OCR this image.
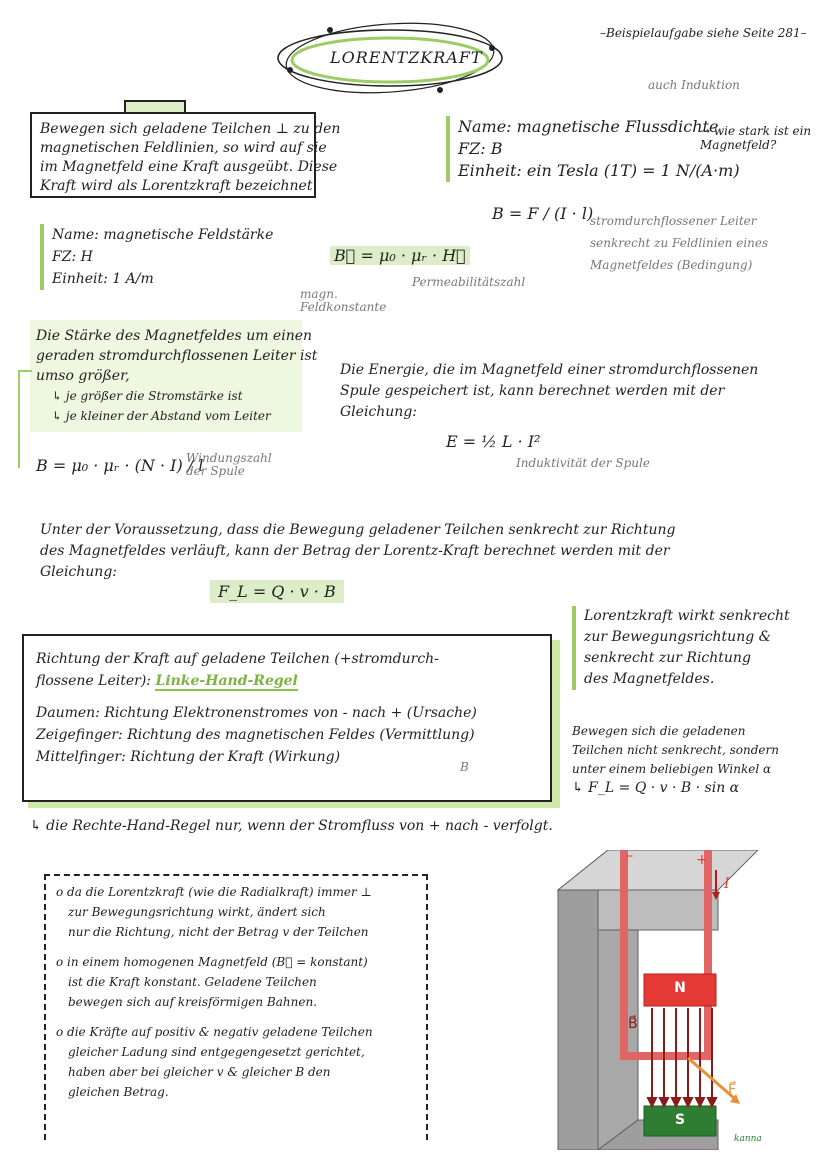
LORENTZKRAFT
–Beispielaufgabe siehe Seite 281–
auch Induktion
Bewegen sich geladene Teilchen ⊥ zu den
magnetischen Feldlinien, so wird auf sie
im Magnetfeld eine Kraft ausgeübt. Diese
Kraft wird als Lorentzkraft bezeichnet.
Name: magnetische Feldstärke
FZ: H
Einheit: 1 A/m
B⃗ = μ₀ · μᵣ · H⃗
magn. Feldkonstante
Permeabilitätszahl
Name: magnetische Flussdichte
FZ: B
Einheit: ein Tesla (1T) = 1 N/(A·m)
→ wie stark ist ein Magnetfeld?
B = F / (I · l)
stromdurchflossener Leiter
senkrecht zu Feldlinien eines
Magnetfeldes (Bedingung)
Die Stärke des Magnetfeldes um einen
geraden stromdurchflossenen Leiter ist
umso größer,
↳ je größer die Stromstärke ist
↳ je kleiner der Abstand vom Leiter
B = μ₀ · μᵣ · (N · I) / l
Windungszahl der Spule
Die Energie, die im Magnetfeld einer stromdurchflossenen
Spule gespeichert ist, kann berechnet werden mit der
Gleichung:
E = ½ L · I²
Induktivität der Spule
Unter der Voraussetzung, dass die Bewegung geladener Teilchen senkrecht zur Richtung
des Magnetfeldes verläuft, kann der Betrag der Lorentz-Kraft berechnet werden mit der
Gleichung:
F_L = Q · v · B
Lorentzkraft wirkt senkrecht
zur Bewegungsrichtung &
senkrecht zur Richtung
des Magnetfeldes.
Bewegen sich die geladenen
Teilchen nicht senkrecht, sondern
unter einem beliebigen Winkel α
↳ F_L = Q · v · B · sin α
Richtung der Kraft auf geladene Teilchen (+stromdurch-
flossene Leiter): Linke-Hand-Regel
Daumen: Richtung Elektronenstromes von - nach + (Ursache)
Zeigefinger: Richtung des magnetischen Feldes (Vermittlung)
Mittelfinger: Richtung der Kraft (Wirkung)
B
↳ die Rechte-Hand-Regel nur, wenn der Stromfluss von + nach - verfolgt.
o da die Lorentzkraft (wie die Radialkraft) immer ⊥
zur Bewegungsrichtung wirkt, ändert sich
nur die Richtung, nicht der Betrag v der Teilchen
o in einem homogenen Magnetfeld (B⃗ = konstant)
ist die Kraft konstant. Geladene Teilchen
bewegen sich auf kreisförmigen Bahnen.
o die Kräfte auf positiv & negativ geladene Teilchen
gleicher Ladung sind entgegengesetzt gerichtet,
haben aber bei gleicher v & gleicher B den
gleichen Betrag.
–	+
I
N
S
B⃗
F⃗
kanna
